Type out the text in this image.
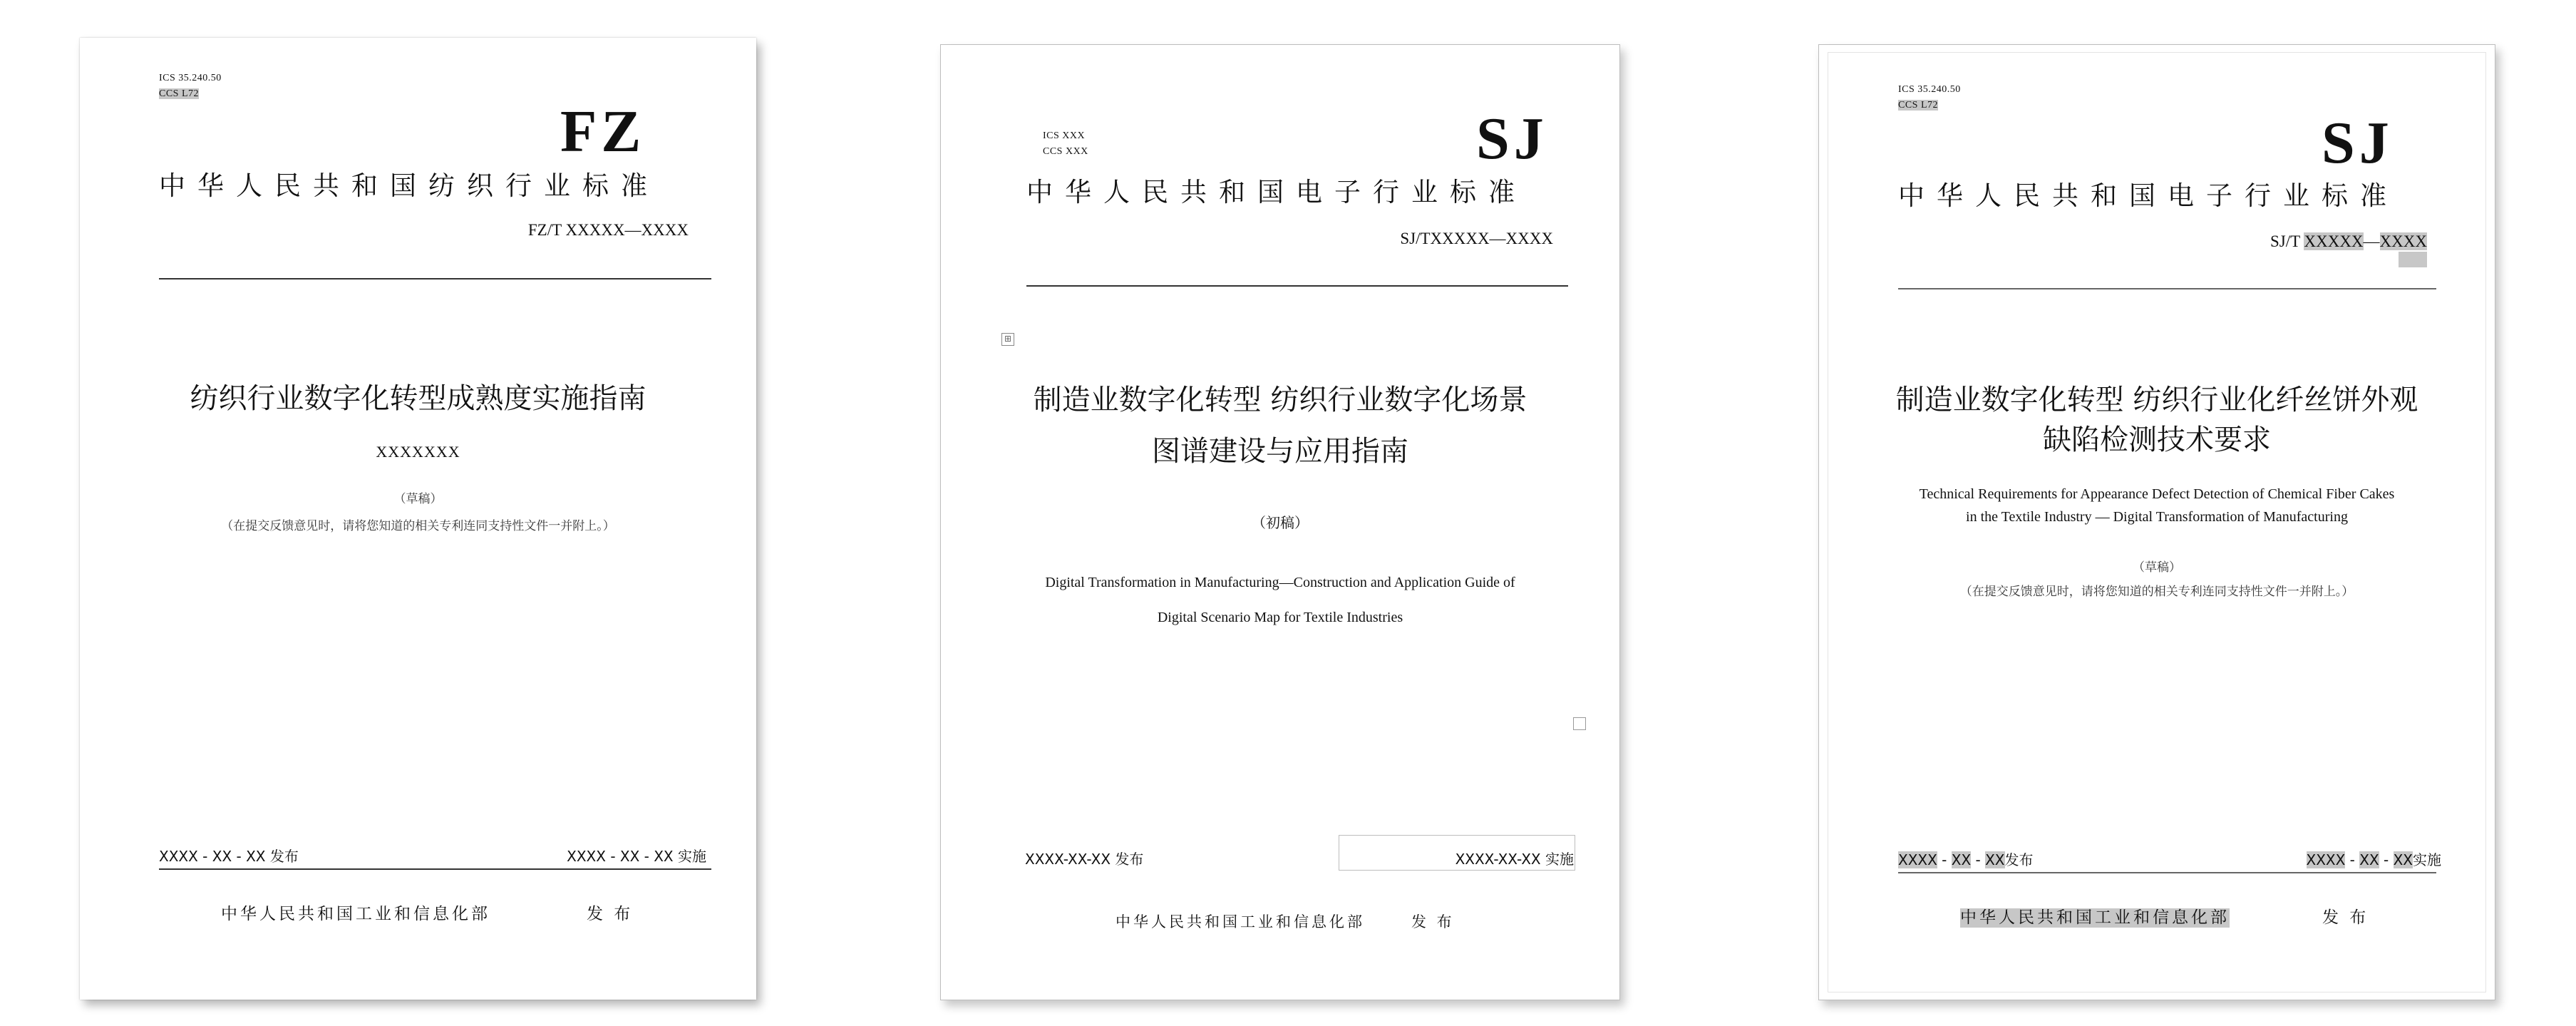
ICS 35.240.50
CCS L72
FZ
中华人民共和国纺织行业标准
FZ/T XXXXX—XXXX
纺织行业数字化转型成熟度实施指南
XXXXXXX
（草稿）
（在提交反馈意见时，请将您知道的相关专利连同支持性文件一并附上。）
XXXX - XX - XX 发布	XXXX - XX - XX 实施
中华人民共和国工业和信息化部	发 布
ICS XXX
CCS XXX	SJ
中华人民共和国电子行业标准
SJ/TXXXXX—XXXX
⊞
制造业数字化转型 纺织行业数字化场景
图谱建设与应用指南
（初稿）
Digital Transformation in Manufacturing—Construction and Application Guide of
Digital Scenario Map for Textile Industries
XXXX-XX-XX 发布	XXXX-XX-XX 实施
中华人民共和国工业和信息化部	发 布
ICS 35.240.50
CCS L72
SJ
中华人民共和国电子行业标准
SJ/T XXXXX—XXXX
制造业数字化转型 纺织行业化纤丝饼外观
缺陷检测技术要求
Technical Requirements for Appearance Defect Detection of Chemical Fiber Cakes
in the Textile Industry — Digital Transformation of Manufacturing
（草稿）
（在提交反馈意见时，请将您知道的相关专利连同支持性文件一并附上。）
XXXX - XX - XX发布	XXXX - XX - XX实施
中华人民共和国工业和信息化部	发 布
